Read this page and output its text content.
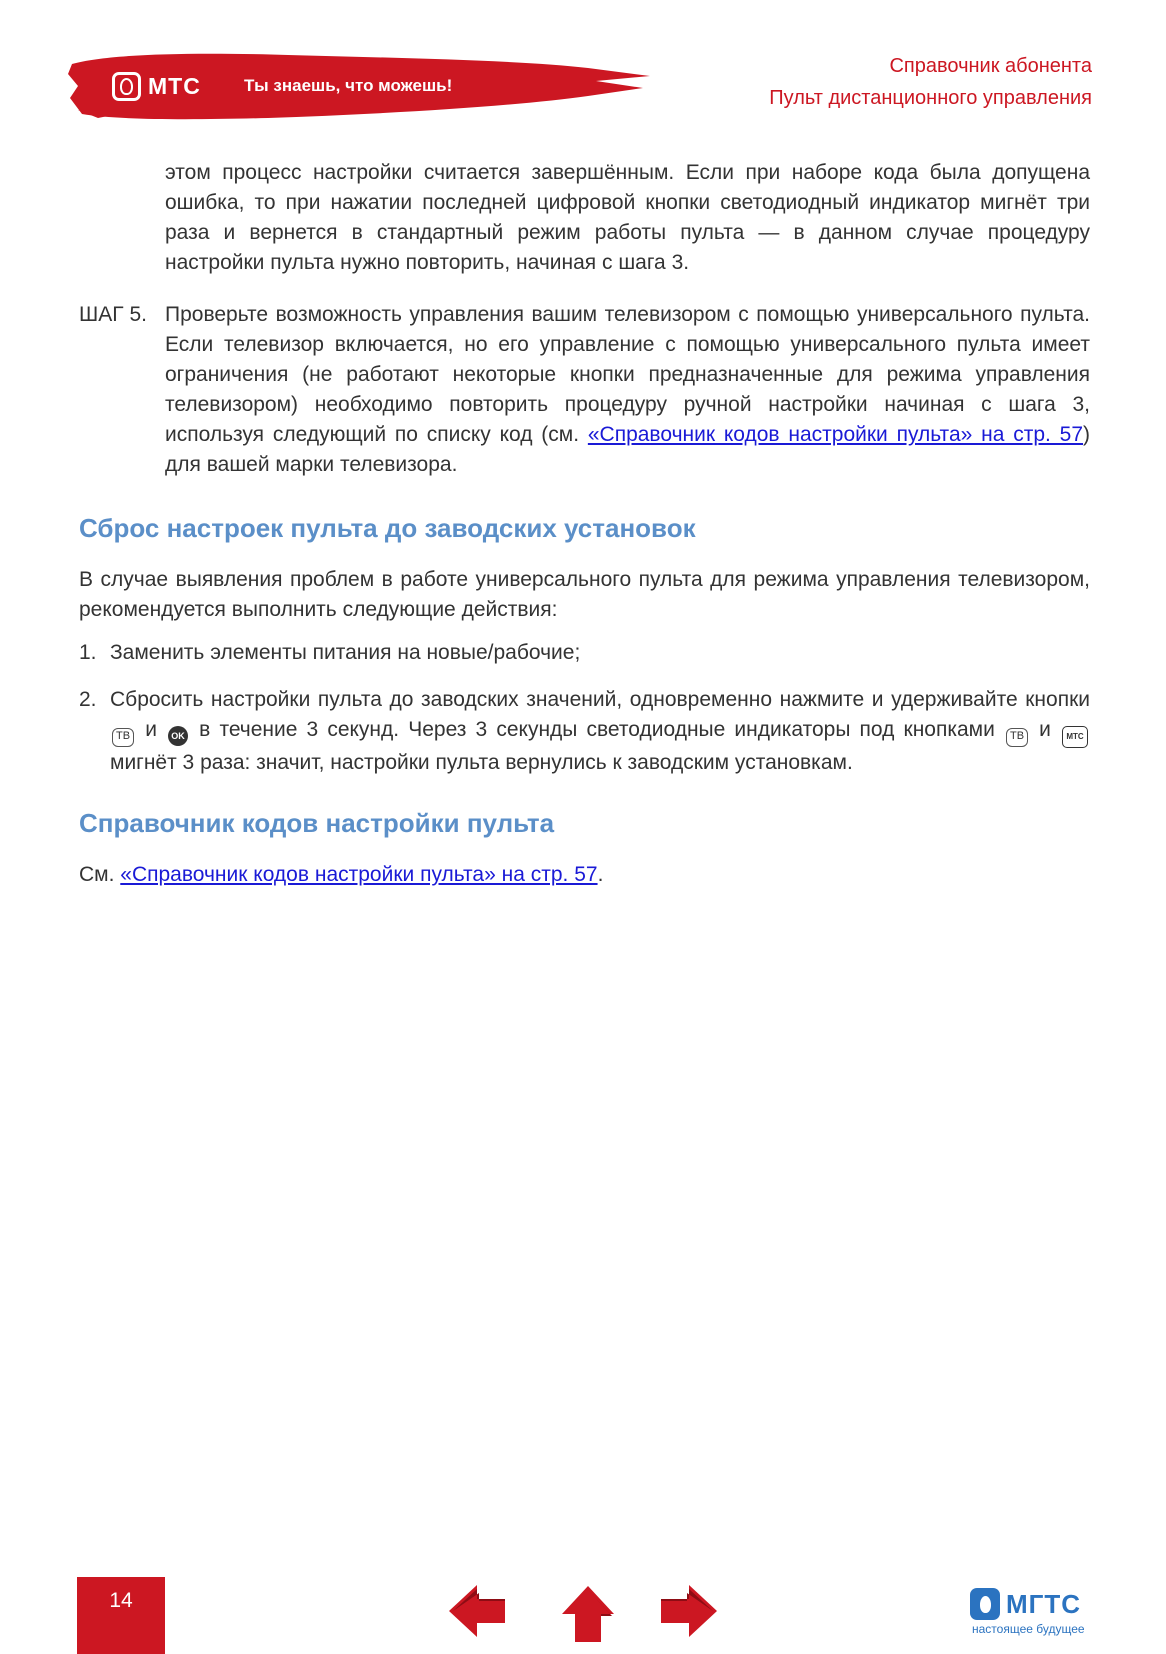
МТС	Ты знаешь, что можешь!
Справочник абонента
Пульт дистанционного управления
этом процесс настройки считается завершённым. Если при наборе кода была допущена ошибка, то при нажатии последней цифровой кнопки светодиодный индикатор мигнёт три раза и вернется в стандартный режим работы пульта — в данном случае процедуру настройки пульта нужно повторить, начиная с шага 3.
ШАГ 5. Проверьте возможность управления вашим телевизором с помощью универсального пульта. Если телевизор включается, но его управление с помощью универсального пульта имеет ограничения (не работают некоторые кнопки предназначенные для режима управления телевизором) необходимо повторить процедуру ручной настройки начиная с шага 3, используя следующий по списку код (см. «Справочник кодов настройки пульта» на стр. 57) для вашей марки телевизора.
Сброс настроек пульта до заводских установок
В случае выявления проблем в работе универсального пульта для режима управления телевизором, рекомендуется выполнить следующие действия:
1. Заменить элементы питания на новые/рабочие;
2. Сбросить настройки пульта до заводских значений, одновременно нажмите и удерживайте кнопки ТВ и OK в течение 3 секунд. Через 3 секунды светодиодные индикаторы под кнопками ТВ и МТС мигнёт 3 раза: значит, настройки пульта вернулись к заводским установкам.
Справочник кодов настройки пульта
См. «Справочник кодов настройки пульта» на стр. 57.
14	МГТС
настоящее будущее
